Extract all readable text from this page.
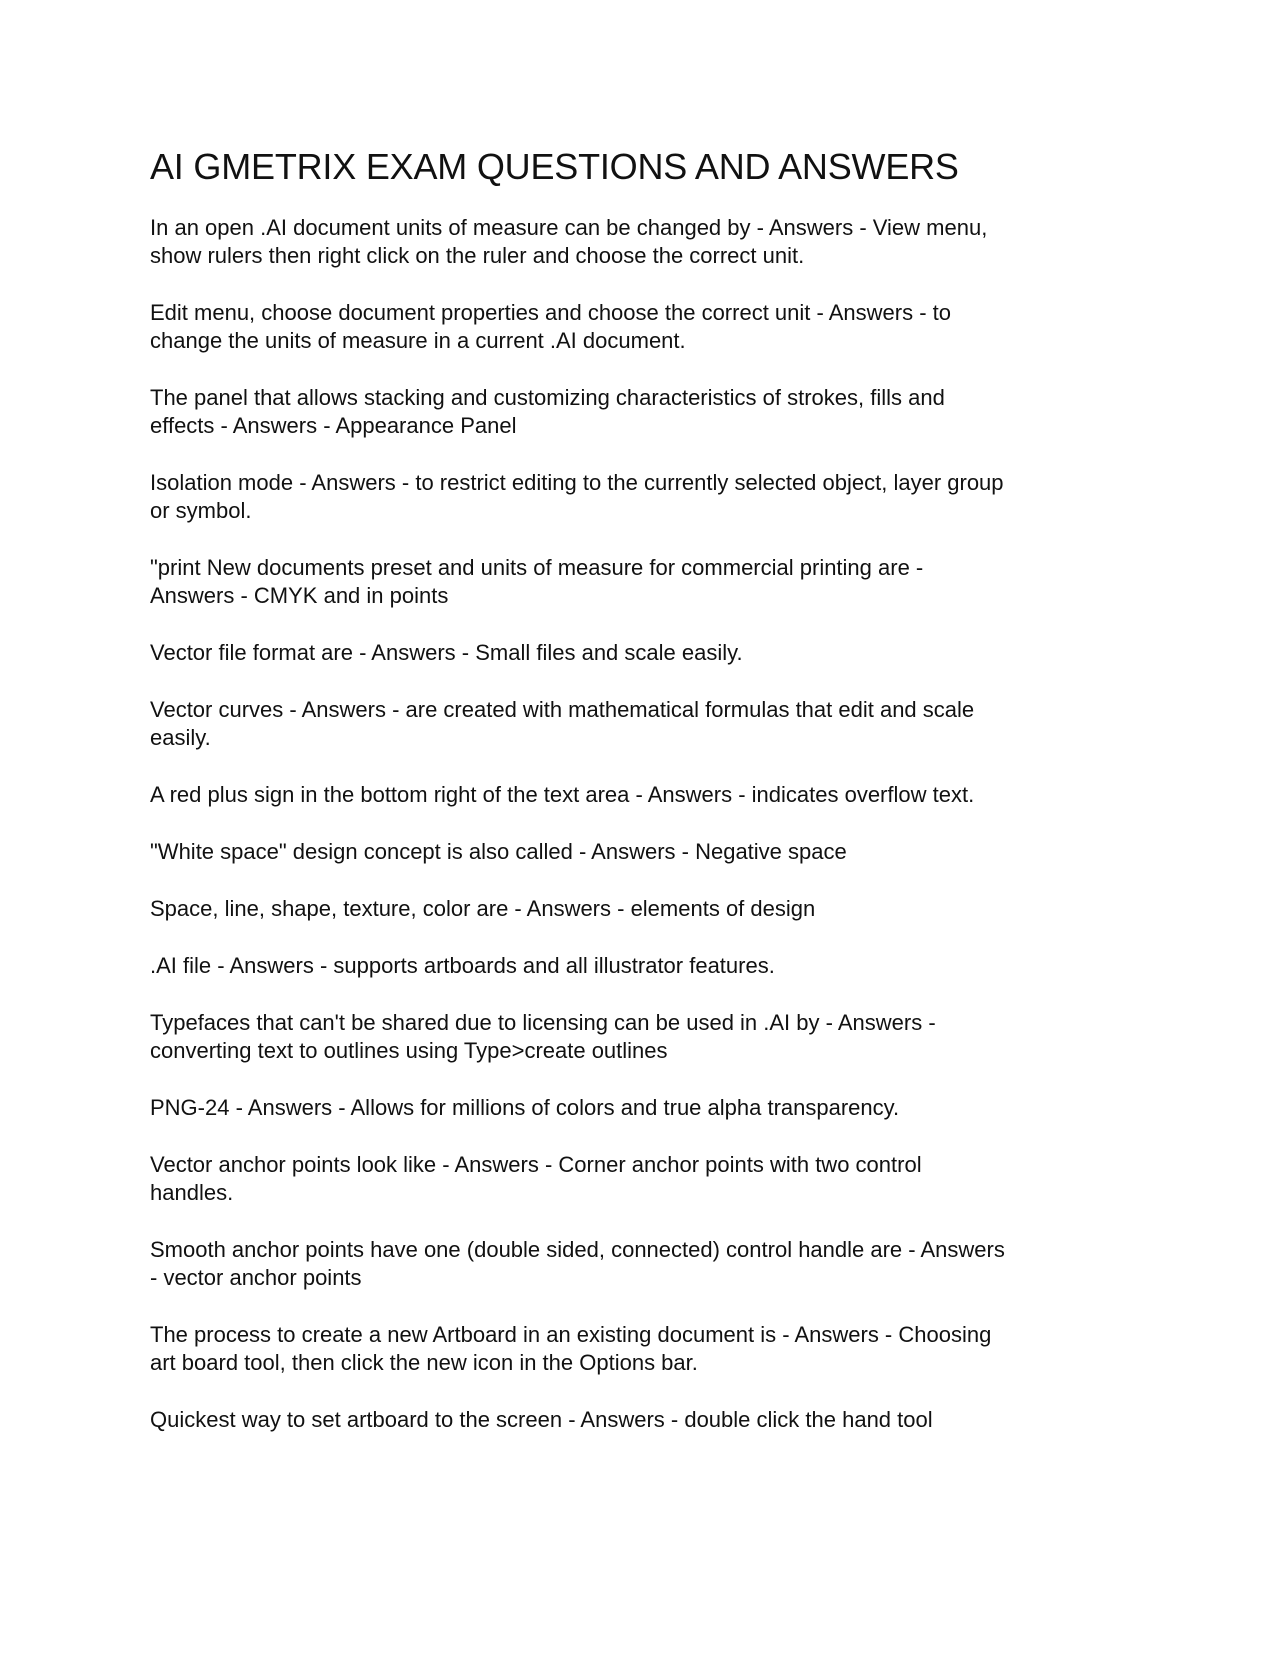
AI GMETRIX EXAM QUESTIONS AND ANSWERS
In an open .AI document units of measure can be changed by - Answers - View menu,
show rulers then right click on the ruler and choose the correct unit.
Edit menu, choose document properties and choose the correct unit - Answers - to
change the units of measure in a current .AI document.
The panel that allows stacking and customizing characteristics of strokes, fills and
effects - Answers - Appearance Panel
Isolation mode - Answers - to restrict editing to the currently selected object, layer group
or symbol.
"print New documents preset and units of measure for commercial printing are -
Answers - CMYK and in points
Vector file format are - Answers - Small files and scale easily.
Vector curves - Answers - are created with mathematical formulas that edit and scale
easily.
A red plus sign in the bottom right of the text area - Answers - indicates overflow text.
"White space" design concept is also called - Answers - Negative space
Space, line, shape, texture, color are - Answers - elements of design
.AI file - Answers - supports artboards and all illustrator features.
Typefaces that can't be shared due to licensing can be used in .AI by - Answers -
converting text to outlines using Type>create outlines
PNG-24 - Answers - Allows for millions of colors and true alpha transparency.
Vector anchor points look like - Answers - Corner anchor points with two control
handles.
Smooth anchor points have one (double sided, connected) control handle are - Answers
- vector anchor points
The process to create a new Artboard in an existing document is - Answers - Choosing
art board tool, then click the new icon in the Options bar.
Quickest way to set artboard to the screen - Answers - double click the hand tool
